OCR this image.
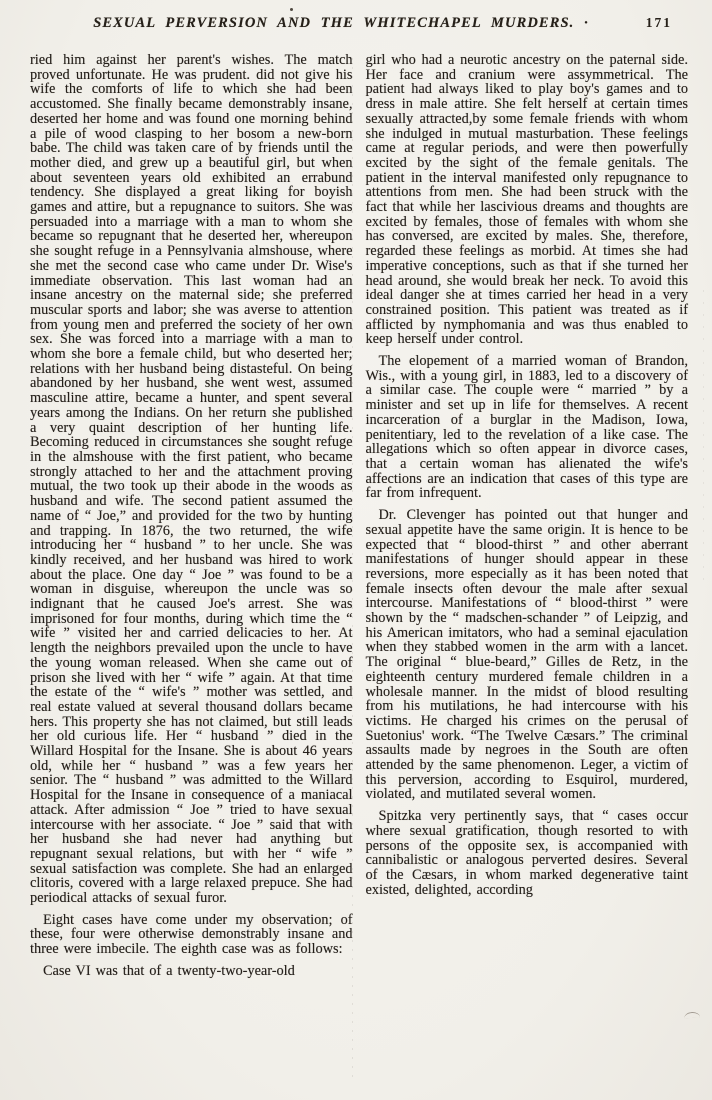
SEXUAL PERVERSION AND THE WHITECHAPEL MURDERS. ·	171

ried him against her parent's wishes. The match proved unfortunate. He was prudent. did not give his wife the comforts of life to which she had been accustomed. She finally became demonstrably insane, deserted her home and was found one morning behind a pile of wood clasping to her bosom a new-born babe. The child was taken care of by friends until the mother died, and grew up a beautiful girl, but when about seventeen years old exhibited an errabund tendency. She displayed a great liking for boyish games and attire, but a repugnance to suitors. She was persuaded into a marriage with a man to whom she became so repugnant that he deserted her, whereupon she sought refuge in a Pennsylvania almshouse, where she met the second case who came under Dr. Wise's immediate observation. This last woman had an insane ancestry on the maternal side; she preferred muscular sports and labor; she was averse to attention from young men and preferred the society of her own sex. She was forced into a marriage with a man to whom she bore a female child, but who deserted her; relations with her husband being distasteful. On being abandoned by her husband, she went west, assumed masculine attire, became a hunter, and spent several years among the Indians. On her return she published a very quaint description of her hunting life. Becoming reduced in circumstances she sought refuge in the almshouse with the first patient, who became strongly attached to her and the attachment proving mutual, the two took up their abode in the woods as husband and wife. The second patient assumed the name of “ Joe,” and provided for the two by hunting and trapping. In 1876, the two returned, the wife introducing her “ husband ” to her uncle. She was kindly received, and her husband was hired to work about the place. One day “ Joe ” was found to be a woman in disguise, whereupon the uncle was so indignant that he caused Joe's arrest. She was imprisoned for four months, during which time the “ wife ” visited her and carried delicacies to her. At length the neighbors prevailed upon the uncle to have the young woman released. When she came out of prison she lived with her “ wife ” again. At that time the estate of the “ wife's ” mother was settled, and real estate valued at several thousand dollars became hers. This property she has not claimed, but still leads her old curious life. Her “ husband ” died in the Willard Hospital for the Insane. She is about 46 years old, while her “ husband ” was a few years her senior. The “ husband ” was admitted to the Willard Hospital for the Insane in consequence of a maniacal attack. After admission “ Joe ” tried to have sexual intercourse with her associate. “ Joe ” said that with her husband she had never had anything but repugnant sexual relations, but with her “ wife ” sexual satisfaction was complete. She had an enlarged clitoris, covered with a large relaxed prepuce. She had periodical attacks of sexual furor.

Eight cases have come under my observation; of these, four were otherwise demonstrably insane and three were imbecile. The eighth case was as follows:

Case VI was that of a twenty-two-year-old

girl who had a neurotic ancestry on the paternal side. Her face and cranium were assymmetrical. The patient had always liked to play boy's games and to dress in male attire. She felt herself at certain times sexually attracted,by some female friends with whom she indulged in mutual masturbation. These feelings came at regular periods, and were then powerfully excited by the sight of the female genitals. The patient in the interval manifested only repugnance to attentions from men. She had been struck with the fact that while her lascivious dreams and thoughts are excited by females, those of females with whom she has conversed, are excited by males. She, therefore, regarded these feelings as morbid. At times she had imperative conceptions, such as that if she turned her head around, she would break her neck. To avoid this ideal danger she at times carried her head in a very constrained position. This patient was treated as if afflicted by nymphomania and was thus enabled to keep herself under control.

The elopement of a married woman of Brandon, Wis., with a young girl, in 1883, led to a discovery of a similar case. The couple were “ married ” by a minister and set up in life for themselves. A recent incarceration of a burglar in the Madison, Iowa, penitentiary, led to the revelation of a like case. The allegations which so often appear in divorce cases, that a certain woman has alienated the wife's affections are an indication that cases of this type are far from infrequent.

Dr. Clevenger has pointed out that hunger and sexual appetite have the same origin. It is hence to be expected that “ blood-thirst ” and other aberrant manifestations of hunger should appear in these reversions, more especially as it has been noted that female insects often devour the male after sexual intercourse. Manifestations of “ blood-thirst ” were shown by the “ madschen-schander ” of Leipzig, and his American imitators, who had a seminal ejaculation when they stabbed women in the arm with a lancet. The original “ blue-beard,” Gilles de Retz, in the eighteenth century murdered female children in a wholesale manner. In the midst of blood resulting from his mutilations, he had intercourse with his victims. He charged his crimes on the perusal of Suetonius' work. “The Twelve Cæsars.” The criminal assaults made by negroes in the South are often attended by the same phenomenon. Leger, a victim of this perversion, according to Esquirol, murdered, violated, and mutilated several women.

Spitzka very pertinently says, that “ cases occur where sexual gratification, though resorted to with persons of the opposite sex, is accompanied with cannibalistic or analogous perverted desires. Several of the Cæsars, in whom marked degenerative taint existed, delighted, according
